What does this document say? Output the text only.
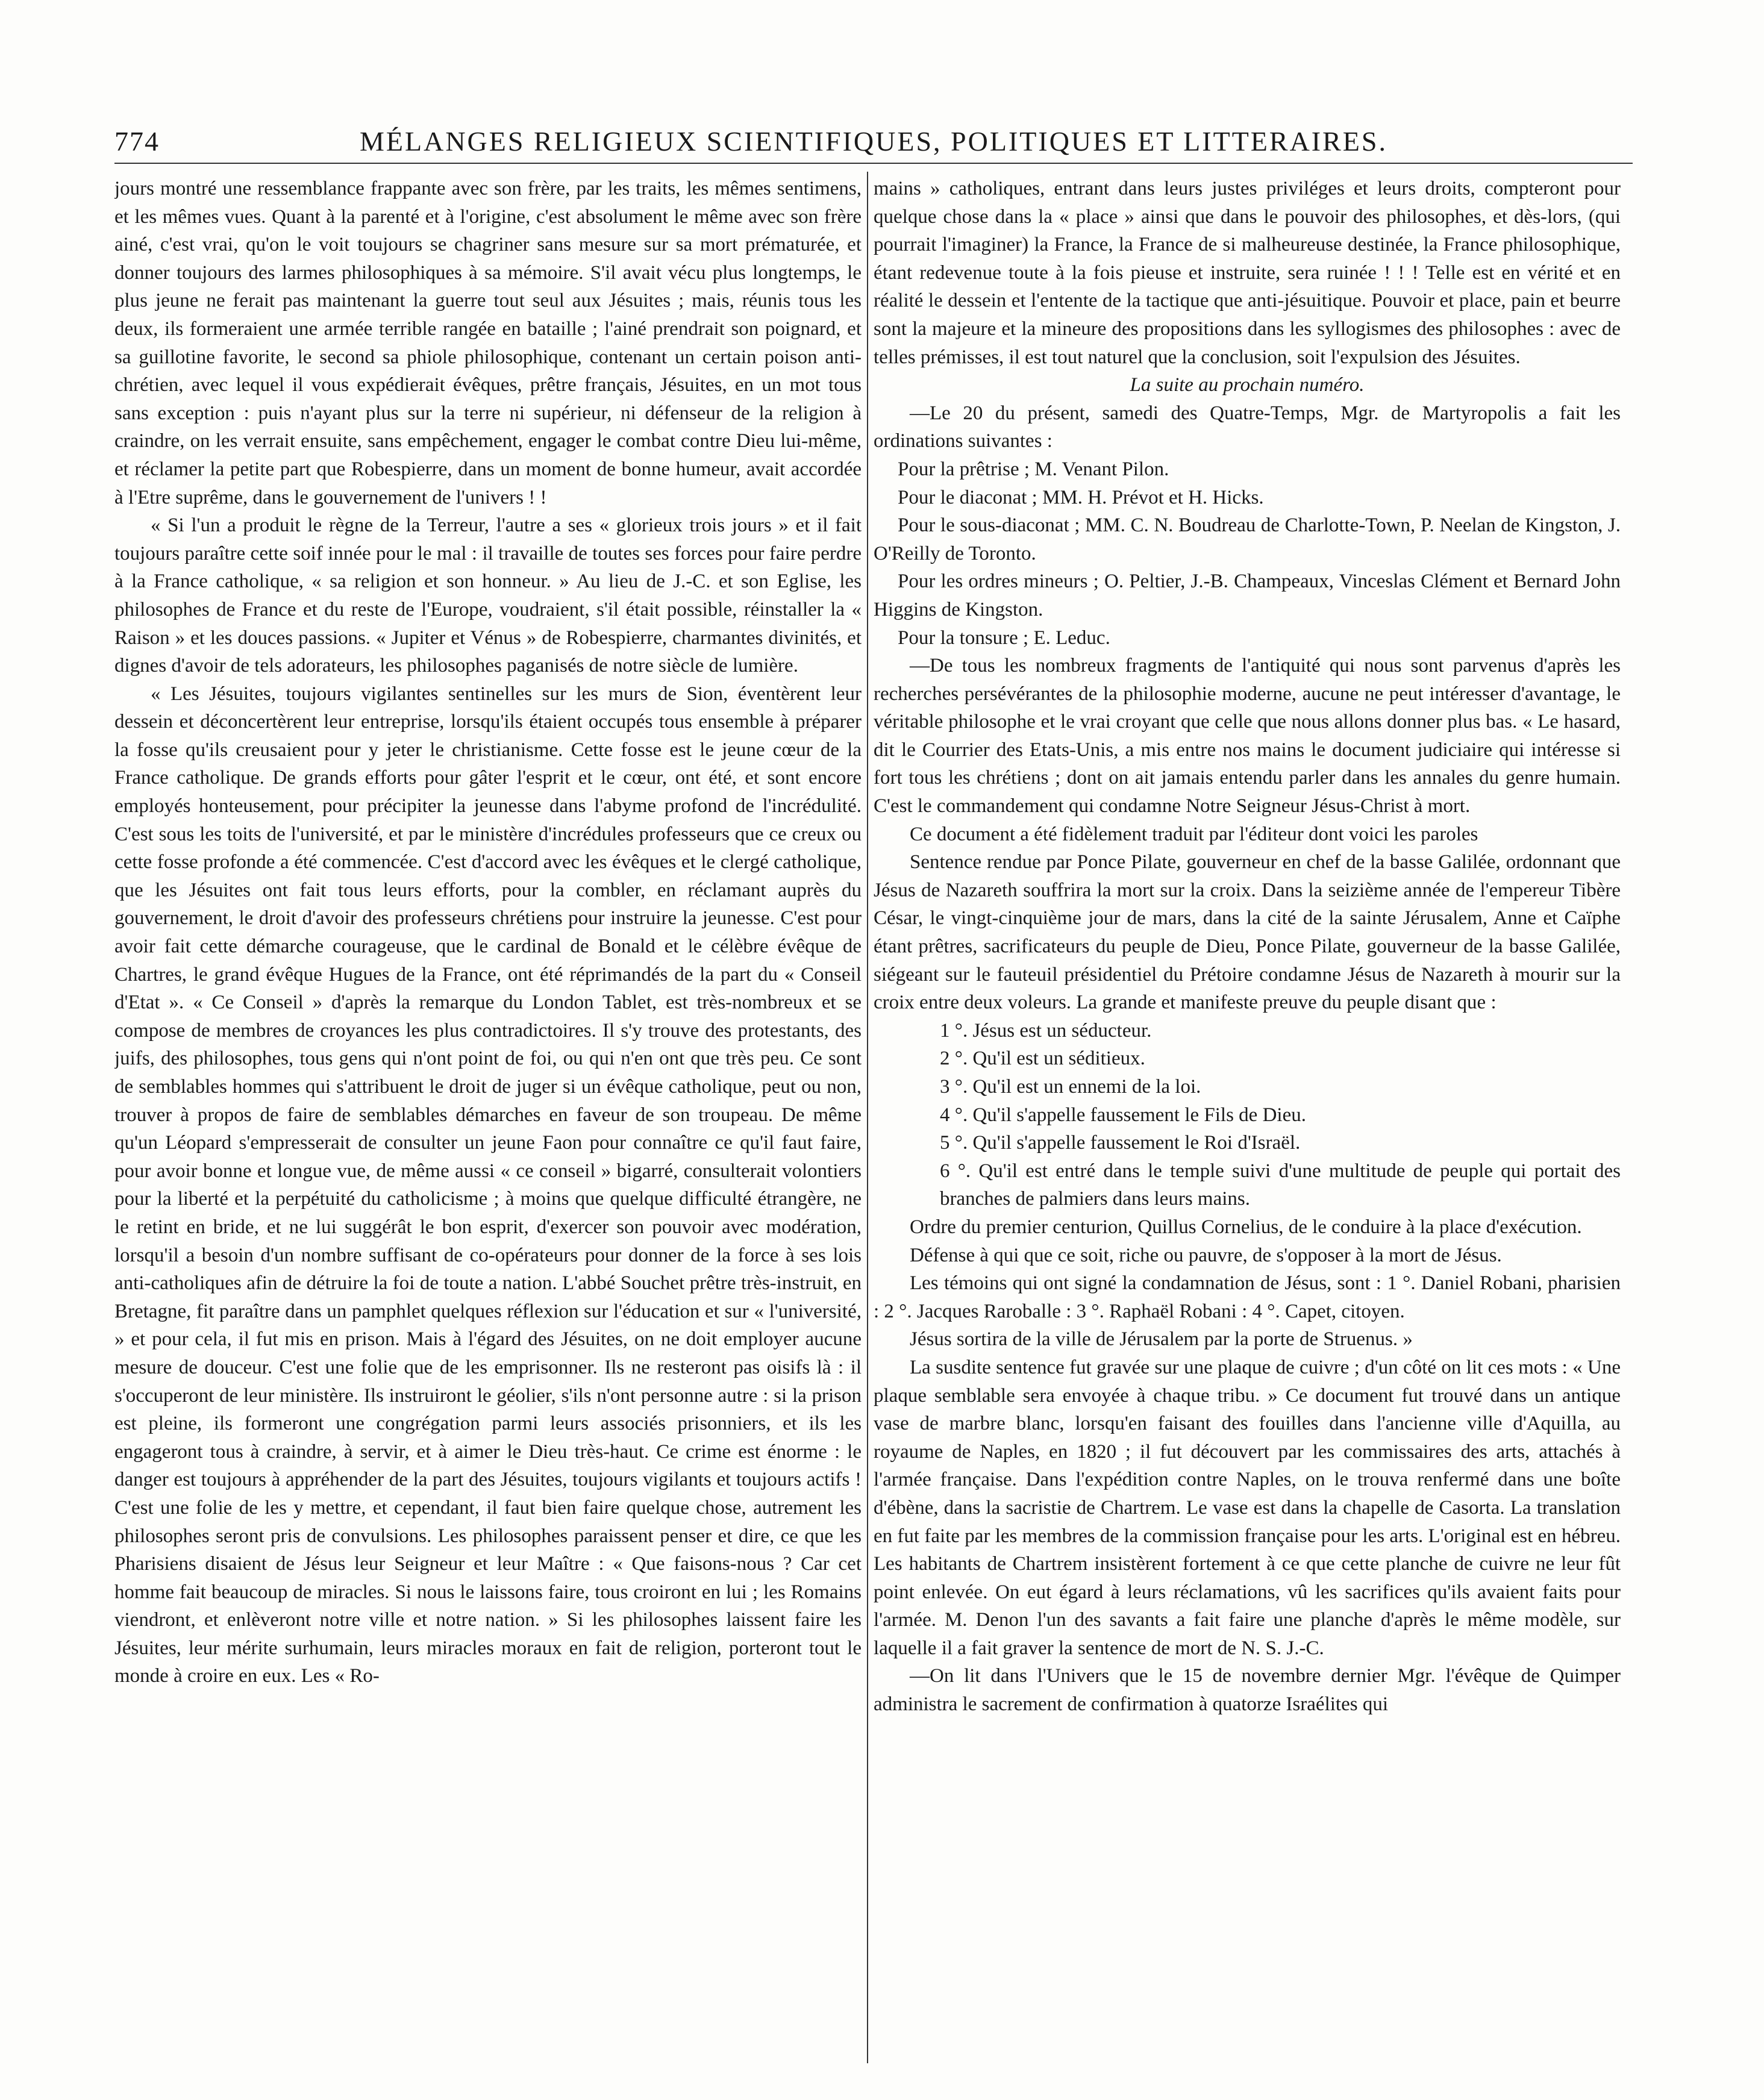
774	MÉLANGES RELIGIEUX SCIENTIFIQUES, POLITIQUES ET LITTERAIRES.

jours montré une ressemblance frappante avec son frère, par les traits, les mêmes sentimens, et les mêmes vues. Quant à la parenté et à l'origine, c'est absolument le même avec son frère ainé, c'est vrai, qu'on le voit toujours se chagriner sans mesure sur sa mort prématurée, et donner toujours des larmes philosophiques à sa mémoire. S'il avait vécu plus longtemps, le plus jeune ne ferait pas maintenant la guerre tout seul aux Jésuites ; mais, réunis tous les deux, ils formeraient une armée terrible rangée en bataille ; l'ainé prendrait son poignard, et sa guillotine favorite, le second sa phiole philosophique, contenant un certain poison anti-chrétien, avec lequel il vous expédierait évêques, prêtre français, Jésuites, en un mot tous sans exception : puis n'ayant plus sur la terre ni supérieur, ni défenseur de la religion à craindre, on les verrait ensuite, sans empêchement, engager le combat contre Dieu lui-même, et réclamer la petite part que Robespierre, dans un moment de bonne humeur, avait accordée à l'Etre suprême, dans le gouvernement de l'univers ! !

« Si l'un a produit le règne de la Terreur, l'autre a ses « glorieux trois jours » et il fait toujours paraître cette soif innée pour le mal : il travaille de toutes ses forces pour faire perdre à la France catholique, « sa religion et son honneur. » Au lieu de J.-C. et son Eglise, les philosophes de France et du reste de l'Europe, voudraient, s'il était possible, réinstaller la « Raison » et les douces passions. « Jupiter et Vénus » de Robespierre, charmantes divinités, et dignes d'avoir de tels adorateurs, les philosophes paganisés de notre siècle de lumière.

« Les Jésuites, toujours vigilantes sentinelles sur les murs de Sion, éventèrent leur dessein et déconcertèrent leur entreprise, lorsqu'ils étaient occupés tous ensemble à préparer la fosse qu'ils creusaient pour y jeter le christianisme. Cette fosse est le jeune cœur de la France catholique. De grands efforts pour gâter l'esprit et le cœur, ont été, et sont encore employés honteusement, pour précipiter la jeunesse dans l'abyme profond de l'incrédulité. C'est sous les toits de l'université, et par le ministère d'incrédules professeurs que ce creux ou cette fosse profonde a été commencée. C'est d'accord avec les évêques et le clergé catholique, que les Jésuites ont fait tous leurs efforts, pour la combler, en réclamant auprès du gouvernement, le droit d'avoir des professeurs chrétiens pour instruire la jeunesse. C'est pour avoir fait cette démarche courageuse, que le cardinal de Bonald et le célèbre évêque de Chartres, le grand évêque Hugues de la France, ont été réprimandés de la part du « Conseil d'Etat ». « Ce Conseil » d'après la remarque du London Tablet, est très-nombreux et se compose de membres de croyances les plus contradictoires. Il s'y trouve des protestants, des juifs, des philosophes, tous gens qui n'ont point de foi, ou qui n'en ont que très peu. Ce sont de semblables hommes qui s'attribuent le droit de juger si un évêque catholique, peut ou non, trouver à propos de faire de semblables démarches en faveur de son troupeau. De même qu'un Léopard s'empresserait de consulter un jeune Faon pour connaître ce qu'il faut faire, pour avoir bonne et longue vue, de même aussi « ce conseil » bigarré, consulterait volontiers pour la liberté et la perpétuité du catholicisme ; à moins que quelque difficulté étrangère, ne le retint en bride, et ne lui suggérât le bon esprit, d'exercer son pouvoir avec modération, lorsqu'il a besoin d'un nombre suffisant de co-opérateurs pour donner de la force à ses lois anti-catholiques afin de détruire la foi de toute a nation. L'abbé Souchet prêtre très-instruit, en Bretagne, fit paraître dans un pamphlet quelques réflexion sur l'éducation et sur « l'université, » et pour cela, il fut mis en prison. Mais à l'égard des Jésuites, on ne doit employer aucune mesure de douceur. C'est une folie que de les emprisonner. Ils ne resteront pas oisifs là : il s'occuperont de leur ministère. Ils instruiront le géolier, s'ils n'ont personne autre : si la prison est pleine, ils formeront une congrégation parmi leurs associés prisonniers, et ils les engageront tous à craindre, à servir, et à aimer le Dieu très-haut. Ce crime est énorme : le danger est toujours à appréhender de la part des Jésuites, toujours vigilants et toujours actifs ! C'est une folie de les y mettre, et cependant, il faut bien faire quelque chose, autrement les philosophes seront pris de convulsions. Les philosophes paraissent penser et dire, ce que les Pharisiens disaient de Jésus leur Seigneur et leur Maître : « Que faisons-nous ? Car cet homme fait beaucoup de miracles. Si nous le laissons faire, tous croiront en lui ; les Romains viendront, et enlèveront notre ville et notre nation. » Si les philosophes laissent faire les Jésuites, leur mérite surhumain, leurs miracles moraux en fait de religion, porteront tout le monde à croire en eux. Les « Ro-

mains » catholiques, entrant dans leurs justes priviléges et leurs droits, compteront pour quelque chose dans la « place » ainsi que dans le pouvoir des philosophes, et dès-lors, (qui pourrait l'imaginer) la France, la France de si malheureuse destinée, la France philosophique, étant redevenue toute à la fois pieuse et instruite, sera ruinée ! ! ! Telle est en vérité et en réalité le dessein et l'entente de la tactique que anti-jésuitique. Pouvoir et place, pain et beurre sont la majeure et la mineure des propositions dans les syllogismes des philosophes : avec de telles prémisses, il est tout naturel que la conclusion, soit l'expulsion des Jésuites.

La suite au prochain numéro.

—Le 20 du présent, samedi des Quatre-Temps, Mgr. de Martyropolis a fait les ordinations suivantes :

Pour la prêtrise ; M. Venant Pilon.

Pour le diaconat ; MM. H. Prévot et H. Hicks.

Pour le sous-diaconat ; MM. C. N. Boudreau de Charlotte-Town, P. Neelan de Kingston, J. O'Reilly de Toronto.

Pour les ordres mineurs ; O. Peltier, J.-B. Champeaux, Vinceslas Clément et Bernard John Higgins de Kingston.

Pour la tonsure ; E. Leduc.

—De tous les nombreux fragments de l'antiquité qui nous sont parvenus d'après les recherches persévérantes de la philosophie moderne, aucune ne peut intéresser d'avantage, le véritable philosophe et le vrai croyant que celle que nous allons donner plus bas. « Le hasard, dit le Courrier des Etats-Unis, a mis entre nos mains le document judiciaire qui intéresse si fort tous les chrétiens ; dont on ait jamais entendu parler dans les annales du genre humain. C'est le commandement qui condamne Notre Seigneur Jésus-Christ à mort.

Ce document a été fidèlement traduit par l'éditeur dont voici les paroles

Sentence rendue par Ponce Pilate, gouverneur en chef de la basse Galilée, ordonnant que Jésus de Nazareth souffrira la mort sur la croix. Dans la seizième année de l'empereur Tibère César, le vingt-cinquième jour de mars, dans la cité de la sainte Jérusalem, Anne et Caïphe étant prêtres, sacrificateurs du peuple de Dieu, Ponce Pilate, gouverneur de la basse Galilée, siégeant sur le fauteuil présidentiel du Prétoire condamne Jésus de Nazareth à mourir sur la croix entre deux voleurs. La grande et manifeste preuve du peuple disant que :

1 °. Jésus est un séducteur.

2 °. Qu'il est un séditieux.

3 °. Qu'il est un ennemi de la loi.

4 °. Qu'il s'appelle faussement le Fils de Dieu.

5 °. Qu'il s'appelle faussement le Roi d'Israël.

6 °. Qu'il est entré dans le temple suivi d'une multitude de peuple qui portait des branches de palmiers dans leurs mains.

Ordre du premier centurion, Quillus Cornelius, de le conduire à la place d'exécution.

Défense à qui que ce soit, riche ou pauvre, de s'opposer à la mort de Jésus.

Les témoins qui ont signé la condamnation de Jésus, sont : 1 °. Daniel Robani, pharisien : 2 °. Jacques Raroballe : 3 °. Raphaël Robani : 4 °. Capet, citoyen.

Jésus sortira de la ville de Jérusalem par la porte de Struenus. »

La susdite sentence fut gravée sur une plaque de cuivre ; d'un côté on lit ces mots : « Une plaque semblable sera envoyée à chaque tribu. » Ce document fut trouvé dans un antique vase de marbre blanc, lorsqu'en faisant des fouilles dans l'ancienne ville d'Aquilla, au royaume de Naples, en 1820 ; il fut découvert par les commissaires des arts, attachés à l'armée française. Dans l'expédition contre Naples, on le trouva renfermé dans une boîte d'ébène, dans la sacristie de Chartrem. Le vase est dans la chapelle de Casorta. La translation en fut faite par les membres de la commission française pour les arts. L'original est en hébreu. Les habitants de Chartrem insistèrent fortement à ce que cette planche de cuivre ne leur fût point enlevée. On eut égard à leurs réclamations, vû les sacrifices qu'ils avaient faits pour l'armée. M. Denon l'un des savants a fait faire une planche d'après le même modèle, sur laquelle il a fait graver la sentence de mort de N. S. J.-C.

—On lit dans l'Univers que le 15 de novembre dernier Mgr. l'évêque de Quimper administra le sacrement de confirmation à quatorze Israélites qui
